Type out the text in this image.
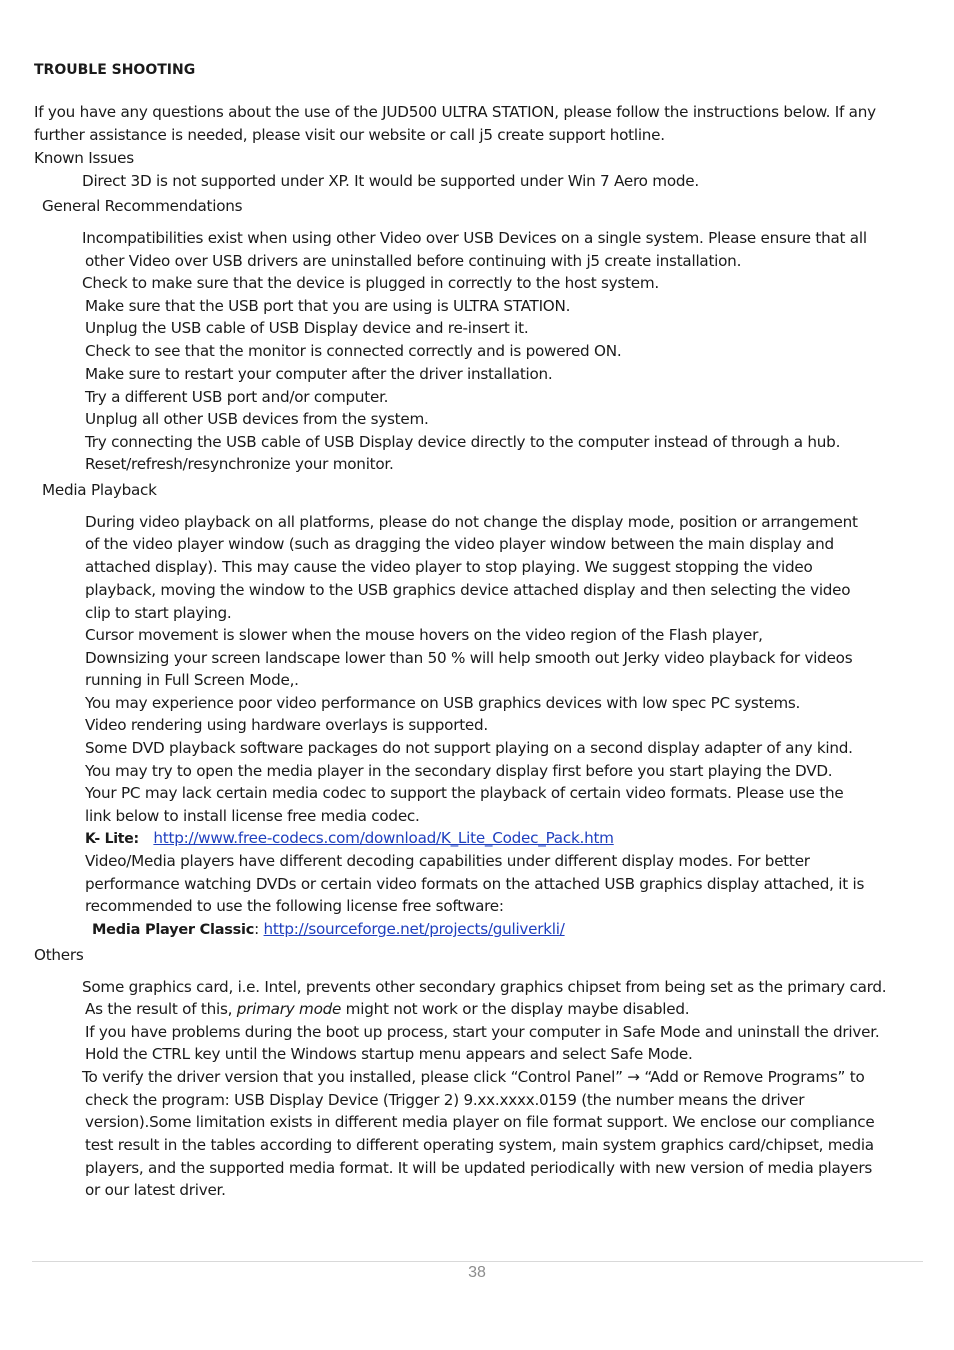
TROUBLE SHOOTING
If you have any questions about the use of the JUD500 ULTRA STATION, please follow the instructions below. If any
further assistance is needed, please visit our website or call j5 create support hotline.
Known Issues
Direct 3D is not supported under XP. It would be supported under Win 7 Aero mode.
General Recommendations
Incompatibilities exist when using other Video over USB Devices on a single system. Please ensure that all
other Video over USB drivers are uninstalled before continuing with j5 create installation.
Check to make sure that the device is plugged in correctly to the host system.
Make sure that the USB port that you are using is ULTRA STATION.
Unplug the USB cable of USB Display device and re-insert it.
Check to see that the monitor is connected correctly and is powered ON.
Make sure to restart your computer after the driver installation.
Try a different USB port and/or computer.
Unplug all other USB devices from the system.
Try connecting the USB cable of USB Display device directly to the computer instead of through a hub.
Reset/refresh/resynchronize your monitor.
Media Playback
During video playback on all platforms, please do not change the display mode, position or arrangement
of the video player window (such as dragging the video player window between the main display and
attached display). This may cause the video player to stop playing. We suggest stopping the video
playback, moving the window to the USB graphics device attached display and then selecting the video
clip to start playing.
Cursor movement is slower when the mouse hovers on the video region of the Flash player,
Downsizing your screen landscape lower than 50 % will help smooth out Jerky video playback for videos
running in Full Screen Mode,.
You may experience poor video performance on USB graphics devices with low spec PC systems.
Video rendering using hardware overlays is supported.
Some DVD playback software packages do not support playing on a second display adapter of any kind.
You may try to open the media player in the secondary display first before you start playing the DVD.
Your PC may lack certain media codec to support the playback of certain video formats. Please use the
link below to install license free media codec.
K- Lite: http://www.free-codecs.com/download/K_Lite_Codec_Pack.htm
Video/Media players have different decoding capabilities under different display modes. For better
performance watching DVDs or certain video formats on the attached USB graphics display attached, it is
recommended to use the following license free software:
Media Player Classic: http://sourceforge.net/projects/guliverkli/
Others
Some graphics card, i.e. Intel, prevents other secondary graphics chipset from being set as the primary card.
As the result of this, primary mode might not work or the display maybe disabled.
If you have problems during the boot up process, start your computer in Safe Mode and uninstall the driver.
Hold the CTRL key until the Windows startup menu appears and select Safe Mode.
To verify the driver version that you installed, please click “Control Panel” → “Add or Remove Programs” to
check the program: USB Display Device (Trigger 2) 9.xx.xxxx.0159 (the number means the driver
version).Some limitation exists in different media player on file format support. We enclose our compliance
test result in the tables according to different operating system, main system graphics card/chipset, media
players, and the supported media format. It will be updated periodically with new version of media players
or our latest driver.
38
